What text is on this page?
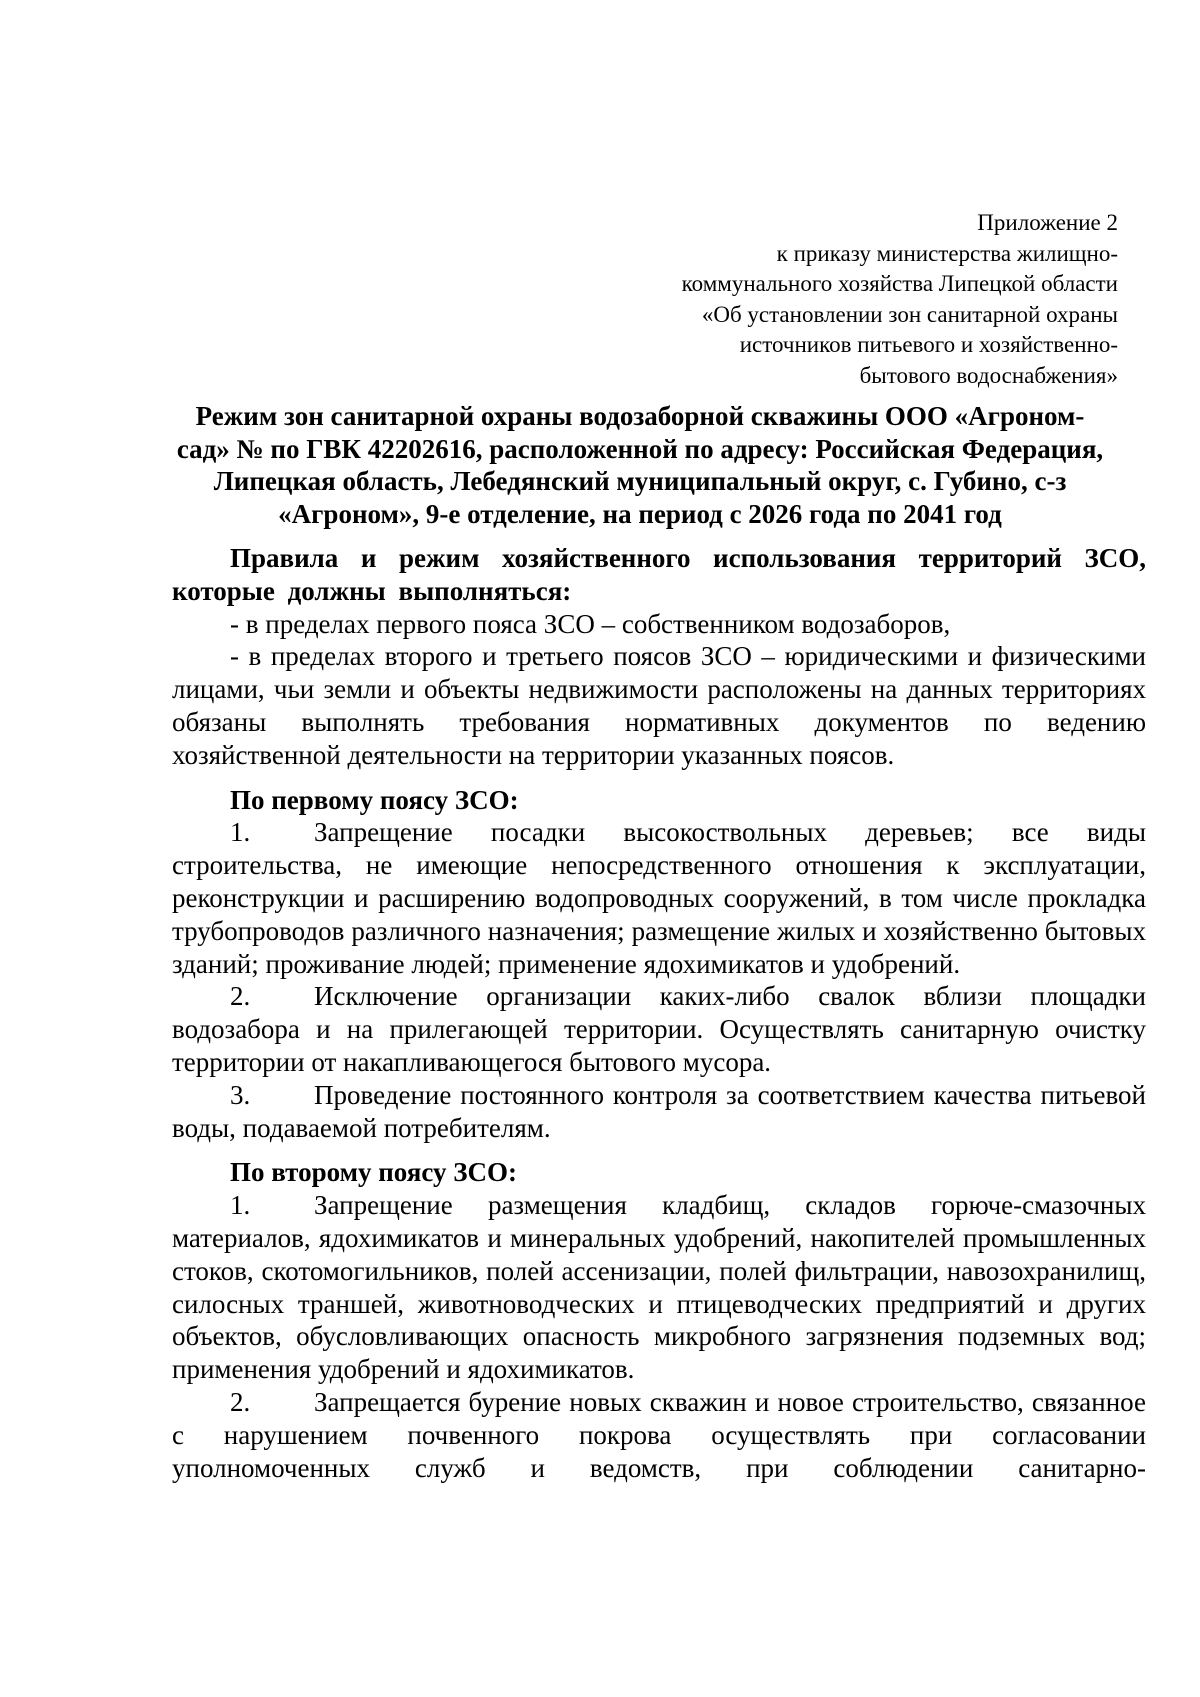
Приложение 2
к приказу министерства жилищно-
коммунального хозяйства Липецкой области
«Об установлении зон санитарной охраны
источников питьевого и хозяйственно-
бытового водоснабжения»
Режим зон санитарной охраны водозаборной скважины ООО «Агроном-
сад» № по ГВК 42202616, расположенной по адресу: Российская Федерация,
Липецкая область, Лебедянский муниципальный округ, с. Губино, с-з
«Агроном», 9-е отделение, на период с 2026 года по 2041 год
Правила и режим хозяйственного использования территорий ЗСО, которые должны выполняться:
- в пределах первого пояса ЗСО – собственником водозаборов,
- в пределах второго и третьего поясов ЗСО – юридическими и физическими лицами, чьи земли и объекты недвижимости расположены на данных территориях обязаны выполнять требования нормативных документов по ведению хозяйственной деятельности на территории указанных поясов.
По первому поясу ЗСО:
1. Запрещение посадки высокоствольных деревьев; все виды строительства, не имеющие непосредственного отношения к эксплуатации, реконструкции и расширению водопроводных сооружений, в том числе прокладка трубопроводов различного назначения; размещение жилых и хозяйственно бытовых зданий; проживание людей; применение ядохимикатов и удобрений.
2. Исключение организации каких-либо свалок вблизи площадки водозабора и на прилегающей территории. Осуществлять санитарную очистку территории от накапливающегося бытового мусора.
3. Проведение постоянного контроля за соответствием качества питьевой воды, подаваемой потребителям.
По второму поясу ЗСО:
1. Запрещение размещения кладбищ, складов горюче-смазочных материалов, ядохимикатов и минеральных удобрений, накопителей промышленных стоков, скотомогильников, полей ассенизации, полей фильтрации, навозохранилищ, силосных траншей, животноводческих и птицеводческих предприятий и других объектов, обусловливающих опасность микробного загрязнения подземных вод; применения удобрений и ядохимикатов.
2. Запрещается бурение новых скважин и новое строительство, связанное с нарушением почвенного покрова осуществлять при согласовании уполномоченных служб и ведомств, при соблюдении санитарно-
